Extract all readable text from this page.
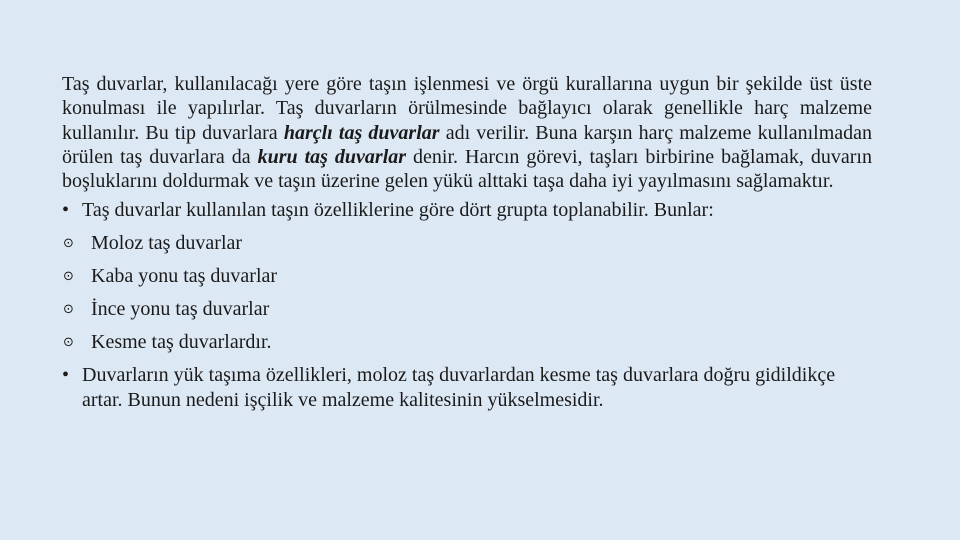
Taş duvarlar, kullanılacağı yere göre taşın işlenmesi ve örgü kurallarına uygun bir şekilde üst üste konulması ile yapılırlar. Taş duvarların örülmesinde bağlayıcı olarak genellikle harç malzeme kullanılır. Bu tip duvarlara harçlı taş duvarlar adı verilir. Buna karşın harç malzeme kullanılmadan örülen taş duvarlara da kuru taş duvarlar denir. Harcın görevi, taşları birbirine bağlamak, duvarın boşluklarını doldurmak ve taşın üzerine gelen yükü alttaki taşa daha iyi yayılmasını sağlamaktır.

• Taş duvarlar kullanılan taşın özelliklerine göre dört grupta toplanabilir. Bunlar:
⊙ Moloz taş duvarlar
⊙ Kaba yonu taş duvarlar
⊙ İnce yonu taş duvarlar
⊙ Kesme taş duvarlardır.
• Duvarların yük taşıma özellikleri, moloz taş duvarlardan kesme taş duvarlara doğru gidildikçe artar. Bunun nedeni işçilik ve malzeme kalitesinin yükselmesidir.
